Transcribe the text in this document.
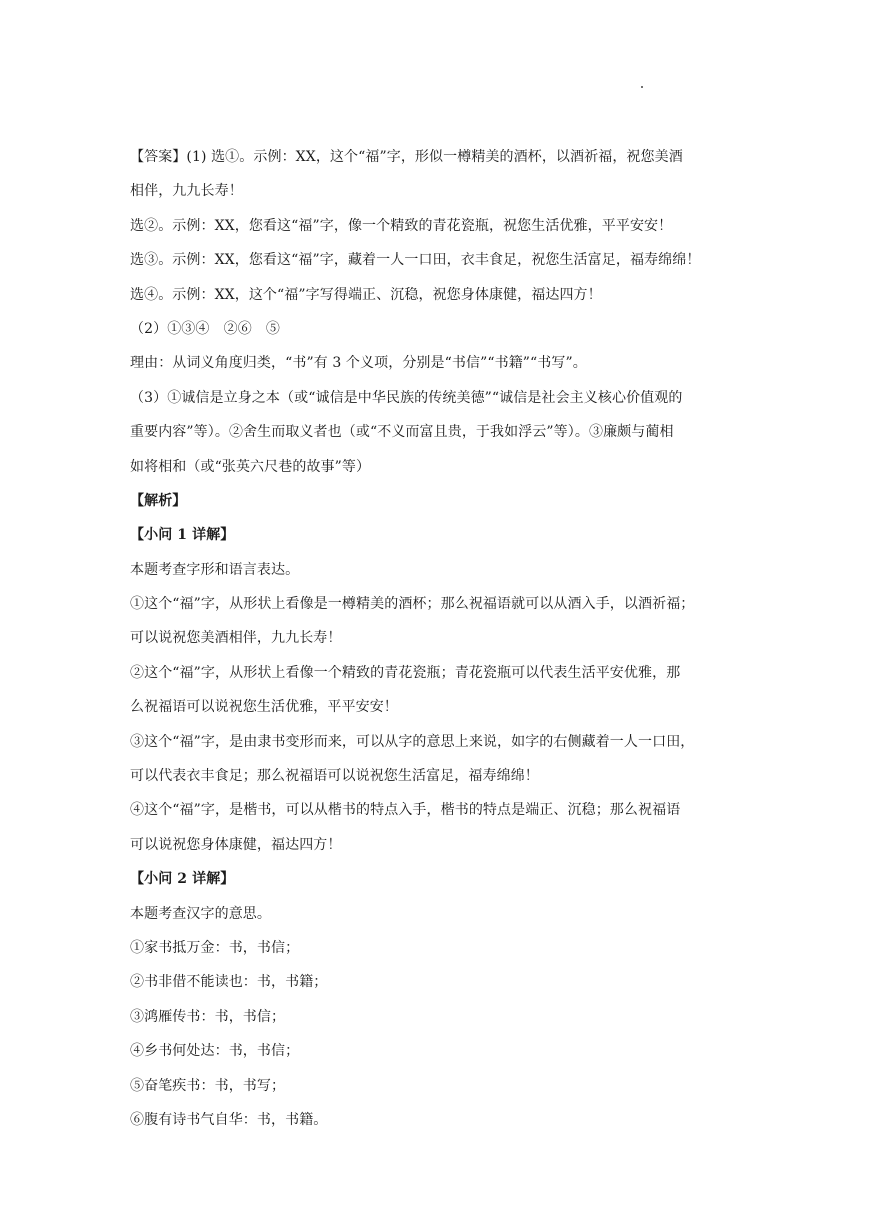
【答案】(1) 选①。示例：XX，这个“福”字，形似一樽精美的酒杯，以酒祈福，祝您美酒
相伴，九九长寿！
选②。示例：XX，您看这“福”字，像一个精致的青花瓷瓶，祝您生活优雅，平平安安！
选③。示例：XX，您看这“福”字，藏着一人一口田，衣丰食足，祝您生活富足，福寿绵绵！
选④。示例：XX，这个“福”字写得端正、沉稳，祝您身体康健，福达四方！
（2）①③④　②⑥　⑤
理由：从词义角度归类，“书”有 3 个义项，分别是“书信”“书籍”“书写”。
（3）①诚信是立身之本（或“诚信是中华民族的传统美德”“诚信是社会主义核心价值观的
重要内容”等）。②舍生而取义者也（或“不义而富且贵，于我如浮云”等）。③廉颇与蔺相
如将相和（或“张英六尺巷的故事”等）
【解析】
【小问 1 详解】
本题考查字形和语言表达。
①这个“福”字，从形状上看像是一樽精美的酒杯；那么祝福语就可以从酒入手，以酒祈福；
可以说祝您美酒相伴，九九长寿！
②这个“福”字，从形状上看像一个精致的青花瓷瓶；青花瓷瓶可以代表生活平安优雅，那
么祝福语可以说祝您生活优雅，平平安安！
③这个“福”字，是由隶书变形而来，可以从字的意思上来说，如字的右侧藏着一人一口田，
可以代表衣丰食足；那么祝福语可以说祝您生活富足，福寿绵绵！
④这个“福”字，是楷书，可以从楷书的特点入手，楷书的特点是端正、沉稳；那么祝福语
可以说祝您身体康健，福达四方！
【小问 2 详解】
本题考查汉字的意思。
①家书抵万金：书，书信；
②书非借不能读也：书，书籍；
③鸿雁传书：书，书信；
④乡书何处达：书，书信；
⑤奋笔疾书：书，书写；
⑥腹有诗书气自华：书，书籍。
